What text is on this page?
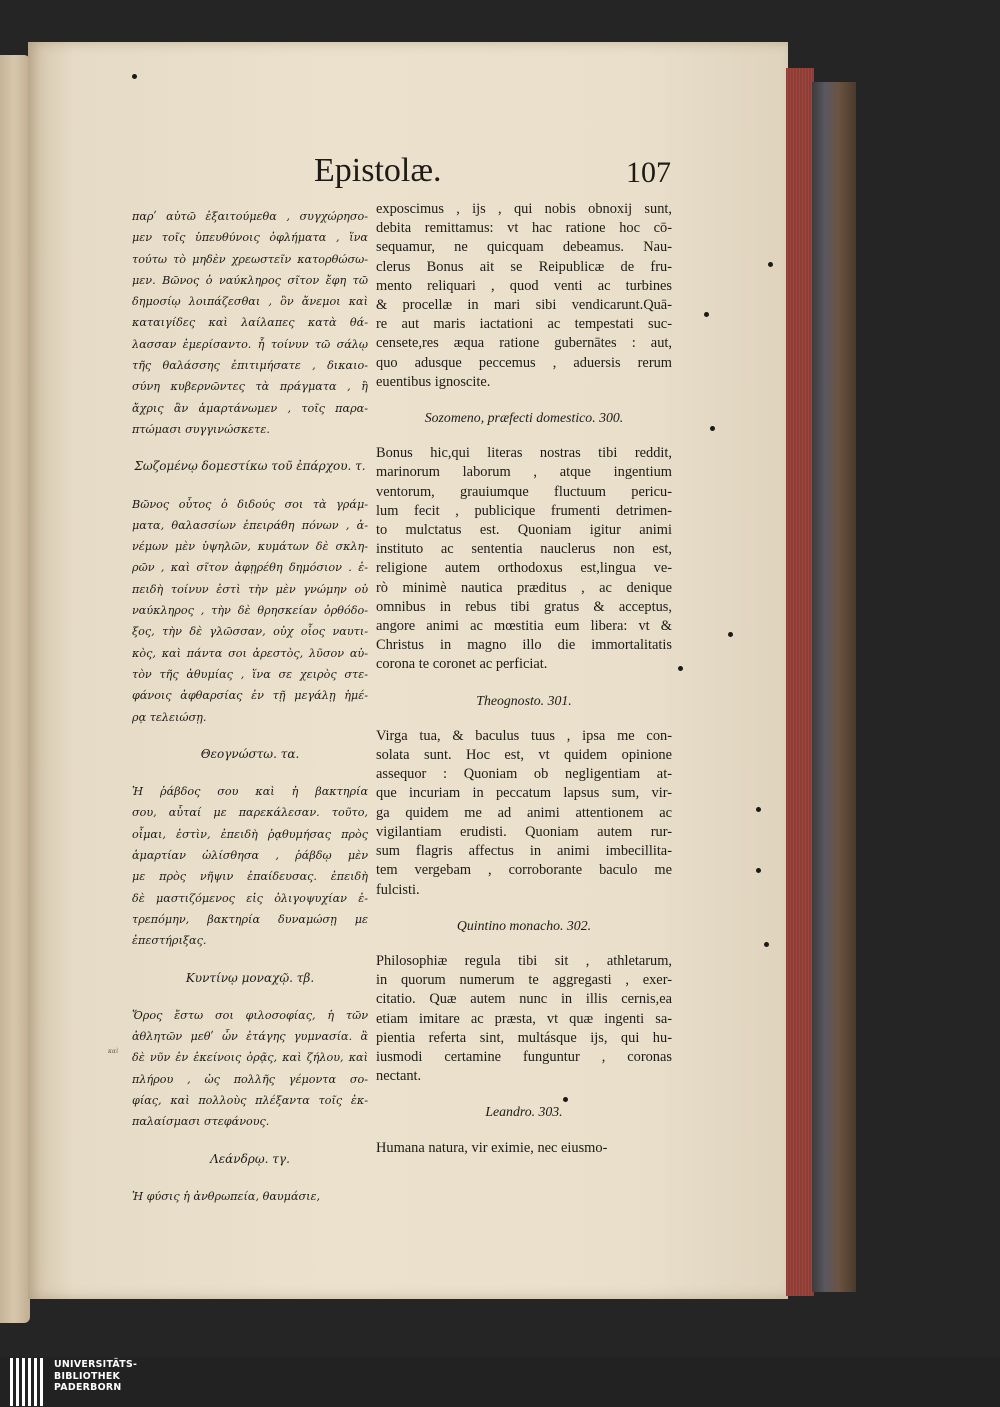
Epistolæ.	107
παρʹ αὐτῶ ἐξαιτούμεθα , συγχώρησο-
μεν τοῖς ὑπευθύνοις ὀφλήματα , ἵνα
τούτω τὸ μηδὲν χρεωστεῖν κατορθώσω-
μεν. Βῶνος ὁ ναύκληρος σῖτον ἔφη τῶ
δημοσίῳ λοιπάζεσθαι , ὃν ἄνεμοι καὶ
καταιγίδες καὶ λαίλαπες κατὰ θά-
λασσαν ἐμερίσαντο. ἦ τοίνυν τῶ σάλῳ
τῆς θαλάσσης ἐπιτιμήσατε , δικαιο-
σύνη κυβερνῶντες τὰ πράγματα , ἢ
ἄχρις ἂν ἁμαρτάνωμεν , τοῖς παρα-
πτώμασι συγγινώσκετε.
Σωζομένῳ δομεστίκω τοῦ ἐπάρχου. τ.
Βῶνος οὗτος ὁ διδούς σοι τὰ γράμ-
ματα, θαλασσίων ἐπειράθη πόνων , ἀ-
νέμων μὲν ὑψηλῶν, κυμάτων δὲ σκλη-
ρῶν , καὶ σῖτον ἀφῃρέθη δημόσιον . ἐ-
πειδὴ τοίνυν ἐστὶ τὴν μὲν γνώμην οὐ
ναύκληρος , τὴν δὲ θρησκείαν ὀρθόδο-
ξος, τὴν δὲ γλῶσσαν, οὐχ οἷος ναυτι-
κὸς, καὶ πάντα σοι ἀρεστὸς, λῦσον αὐ-
τὸν τῆς ἀθυμίας , ἵνα σε χειρὸς στε-
φάνοις ἀφθαρσίας ἐν τῇ μεγάλῃ ἡμέ-
ρᾳ τελειώσῃ.
Θεογνώστω. τα.
Ἡ ῥάβδος σου καὶ ἡ βακτηρία
σου, αὗταί με παρεκάλεσαν. τοῦτο,
οἶμαι, ἐστὶν, ἐπειδὴ ῥᾳθυμήσας πρὸς
ἁμαρτίαν ὠλίσθησα , ῥάβδῳ μὲν
με πρὸς νῆψιν ἐπαίδευσας. ἐπειδὴ
δὲ μαστιζόμενος εἰς ὀλιγοψυχίαν ἐ-
τρεπόμην, βακτηρία δυναμώσῃ με
ἐπεστήριξας.
Κυντίνῳ μοναχῷ. τβ.
Ὅρος ἔστω σοι φιλοσοφίας, ἡ τῶν
ἀθλητῶν μεθʹ ὧν ἐτάγης γυμνασία. ἃ
δὲ νῦν ἐν ἐκείνοις ὁρᾷς, καὶ ζήλου, καὶ
πλήρου , ὡς πολλῆς γέμοντα σο-
φίας, καὶ πολλοὺς πλέξαντα τοῖς ἐκ-
παλαίσμασι στεφάνους.
Λεάνδρῳ. τγ.
Ἡ φύσις ἡ ἀνθρωπεία, θαυμάσιε,
exposcimus , ijs , qui nobis obnoxij sunt,
debita remittamus: vt hac ratione hoc cō-
sequamur, ne quicquam debeamus. Nau-
clerus Bonus ait se Reipublicæ de fru-
mento reliquari , quod venti ac turbines
& procellæ in mari sibi vendicarunt.Quā-
re aut maris iactationi ac tempestati suc-
censete,res æqua ratione gubernātes : aut,
quo adusque peccemus , aduersis rerum
euentibus ignoscite.
Sozomeno, præfecti domestico. 300.
Bonus hic,qui literas nostras tibi reddit,
marinorum laborum , atque ingentium
ventorum, grauiumque fluctuum pericu-
lum fecit , publicique frumenti detrimen-
to mulctatus est. Quoniam igitur animi
instituto ac sententia nauclerus non est,
religione autem orthodoxus est,lingua ve-
rò minimè nautica præditus , ac denique
omnibus in rebus tibi gratus & acceptus,
angore animi ac mœstitia eum libera: vt &
Christus in magno illo die immortalitatis
corona te coronet ac perficiat.
Theognosto. 301.
Virga tua, & baculus tuus , ipsa me con-
solata sunt. Hoc est, vt quidem opinione
assequor : Quoniam ob negligentiam at-
que incuriam in peccatum lapsus sum, vir-
ga quidem me ad animi attentionem ac
vigilantiam erudisti. Quoniam autem rur-
sum flagris affectus in animi imbecillita-
tem vergebam , corroborante baculo me
fulcisti.
Quintino monacho. 302.
Philosophiæ regula tibi sit , athletarum,
in quorum numerum te aggregasti , exer-
citatio. Quæ autem nunc in illis cernis,ea
etiam imitare ac præsta, vt quæ ingenti sa-
pientia referta sint, multásque ijs, qui hu-
iusmodi certamine funguntur , coronas
nectant.
Leandro. 303.
Humana natura, vir eximie, nec eiusmo-
καὶ
UNIVERSITÄTS-
BIBLIOTHEK
PADERBORN
